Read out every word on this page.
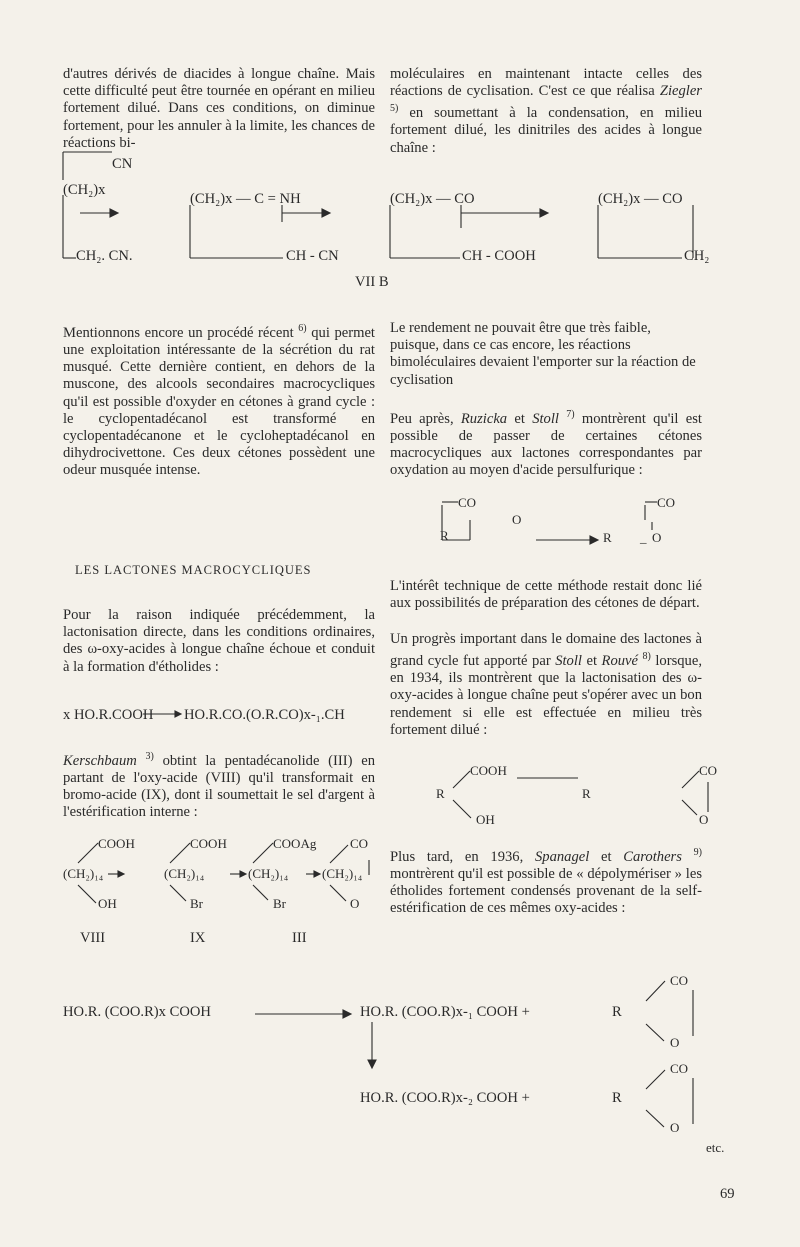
d'autres dérivés de diacides à longue chaîne. Mais cette difficulté peut être tournée en opérant en milieu fortement dilué. Dans ces conditions, on diminue fortement, pour les annuler à la limite, les chances de réactions bi-

moléculaires en maintenant intacte celles des réactions de cyclisation. C'est ce que réalisa Ziegler $^{5)}$ en soumettant à la condensation, en milieu fortement dilué, les dinitriles des acides à longue chaîne :

CN
(CH₂)x
CH₂. CN.
(CH₂)x — C = NH
CH - CN
(CH₂)x — CO
CH - COOH
(CH₂)x — CO
CH₂
VII B

Mentionnons encore un procédé récent $^{6)}$ qui permet une exploitation intéressante de la sécrétion du rat musqué. Cette dernière contient, en dehors de la muscone, des alcools secondaires macrocycliques qu'il est possible d'oxyder en cétones à grand cycle : le cyclopentadécanol est transformé en cyclopentadécanone et le cycloheptadécanol en dihydrocivettone. Ces deux cétones possèdent une odeur musquée intense.

LES LACTONES MACROCYCLIQUES

Pour la raison indiquée précédemment, la lactonisation directe, dans les conditions ordinaires, des ω-oxy-acides à longue chaîne échoue et conduit à la formation d'étholides :

x HO.R.COOH HO.R.CO.(O.R.CO)x-₁.CH

Kerschbaum $^{3)}$ obtint la pentadécanolide (III) en partant de l'oxy-acide (VIII) qu'il transformait en bromo-acide (IX), dont il soumettait le sel d'argent à l'estérification interne :

COOH
(CH₂)₁₄
OH
COOH
(CH₂)₁₄
Br
COOAg
(CH₂)₁₄
Br
CO
(CH₂)₁₄
O
VIII	IX	III

Le rendement ne pouvait être que très faible, puisque, dans ce cas encore, les réactions bimoléculaires devaient l'emporter sur la réaction de cyclisation

Peu après, Ruzicka et Stoll $^{7)}$ montrèrent qu'il est possible de passer de certaines cétones macrocycliques aux lactones correspondantes par oxydation au moyen d'acide persulfurique :

CO
R
O
CO
R _ O

L'intérêt technique de cette méthode restait donc lié aux possibilités de préparation des cétones de départ.

Un progrès important dans le domaine des lactones à grand cycle fut apporté par Stoll et Rouvé $^{8)}$ lorsque, en 1934, ils montrèrent que la lactonisation des ω-oxy-acides à longue chaîne peut s'opérer avec un bon rendement si elle est effectuée en milieu très fortement dilué :

COOH
R
OH
CO
R
O

Plus tard, en 1936, Spanagel et Carothers $^{9)}$ montrèrent qu'il est possible de « dépolymériser » les étholides fortement condensés provenant de la self-estérification de ces mêmes oxy-acides :

HO.R. (COO.R)x COOH	HO.R. (COO.R)x-₁ COOH +	R
CO
O
HO.R. (COO.R)x-₂ COOH +	R
CO
O
etc.
69
